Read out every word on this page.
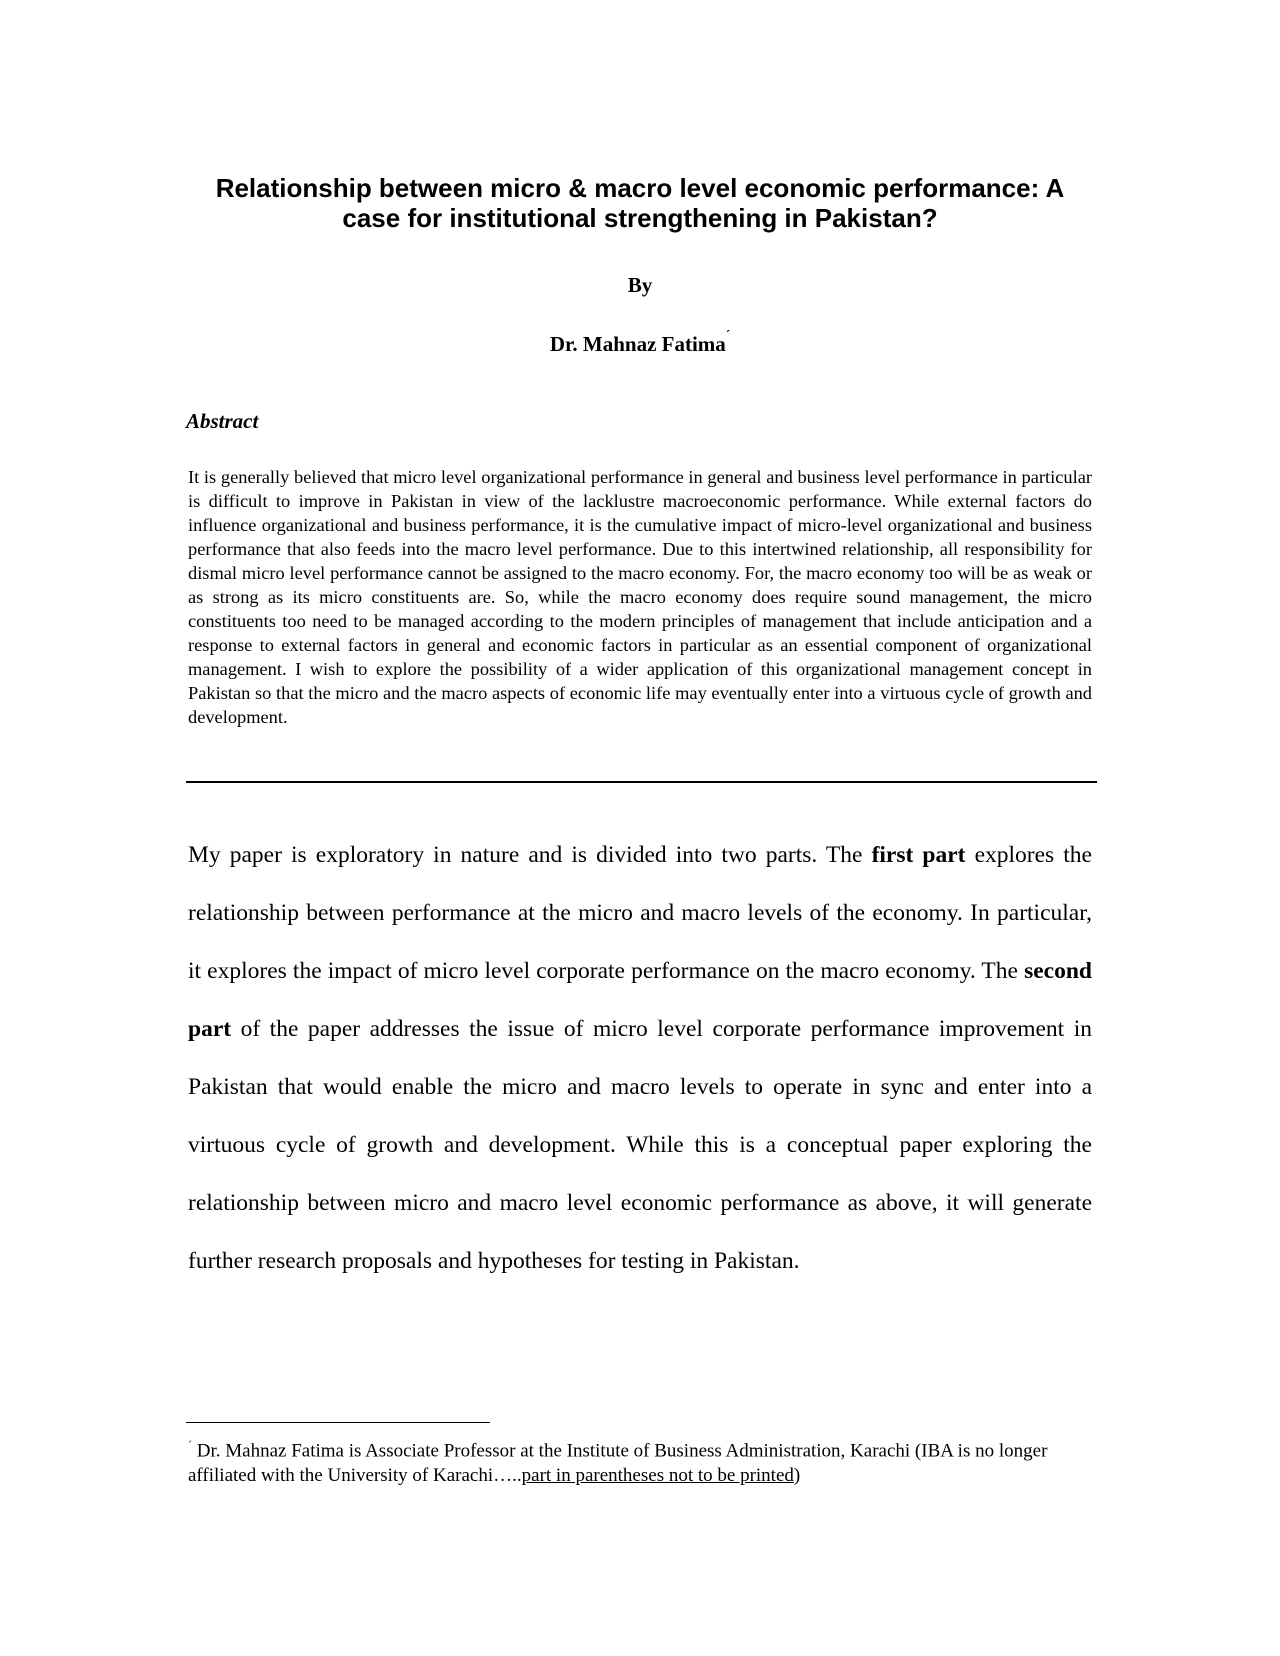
Relationship between micro & macro level economic performance: A
case for institutional strengthening in Pakistan?
By
Dr. Mahnaz Fatima´
Abstract

It is generally believed that micro level organizational performance in general and business level performance in particular is difficult to improve in Pakistan in view of the lacklustre macroeconomic performance. While external factors do influence organizational and business performance, it is the cumulative impact of micro-level organizational and business performance that also feeds into the macro level performance. Due to this intertwined relationship, all responsibility for dismal micro level performance cannot be assigned to the macro economy. For, the macro economy too will be as weak or as strong as its micro constituents are. So, while the macro economy does require sound management, the micro constituents too need to be managed according to the modern principles of management that include anticipation and a response to external factors in general and economic factors in particular as an essential component of organizational management. I wish to explore the possibility of a wider application of this organizational management concept in Pakistan so that the micro and the macro aspects of economic life may eventually enter into a virtuous cycle of growth and development.

My paper is exploratory in nature and is divided into two parts. The first part explores the relationship between performance at the micro and macro levels of the economy. In particular, it explores the impact of micro level corporate performance on the macro economy. The second part of the paper addresses the issue of micro level corporate performance improvement in Pakistan that would enable the micro and macro levels to operate in sync and enter into a virtuous cycle of growth and development. While this is a conceptual paper exploring the relationship between micro and macro level economic performance as above, it will generate further research proposals and hypotheses for testing in Pakistan.

´ Dr. Mahnaz Fatima is Associate Professor at the Institute of Business Administration, Karachi (IBA is no longer affiliated with the University of Karachi…..part in parentheses not to be printed)
